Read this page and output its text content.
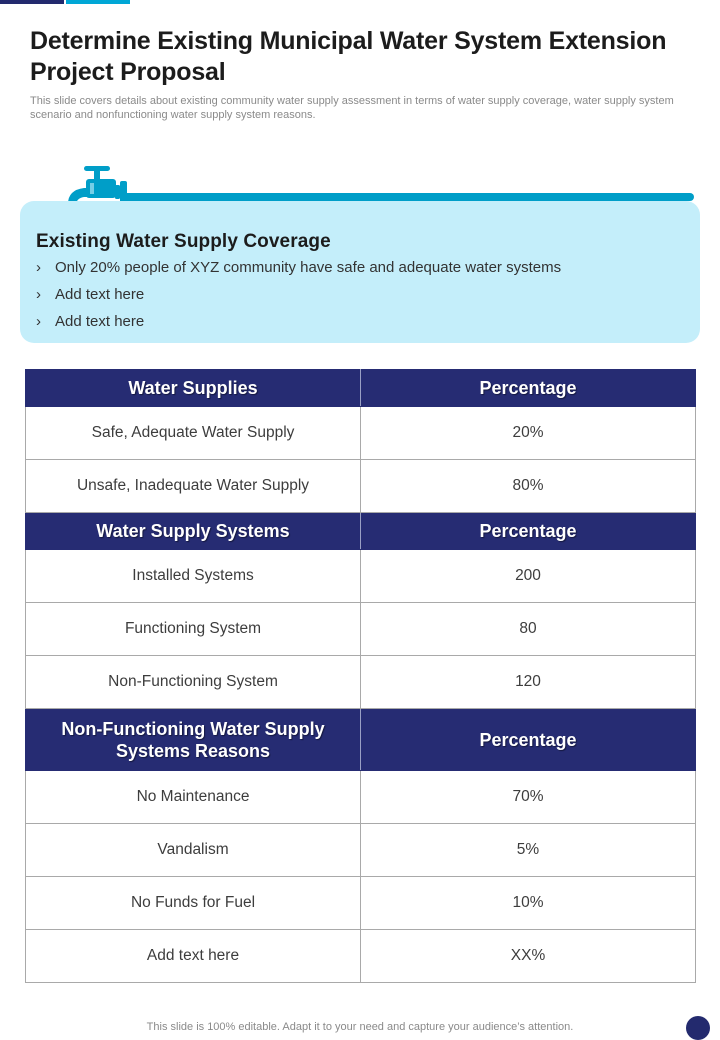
Determine Existing Municipal Water System Extension Project Proposal

This slide covers details about existing community water supply assessment in terms of water supply coverage, water supply system scenario and nonfunctioning water supply system reasons.

Existing Water Supply Coverage
› Only 20% people of XYZ community have safe and adequate water systems
› Add text here
› Add text here
Water Supplies	Percentage
Safe, Adequate Water Supply	20%
Unsafe, Inadequate Water Supply	80%
Water Supply Systems	Percentage
Installed Systems	200
Functioning System	80
Non-Functioning System	120
Non-Functioning Water Supply
Systems Reasons	Percentage
No Maintenance	70%
Vandalism	5%
No Funds for Fuel	10%
Add text here	XX%
This slide is 100% editable. Adapt it to your need and capture your audience’s attention.
